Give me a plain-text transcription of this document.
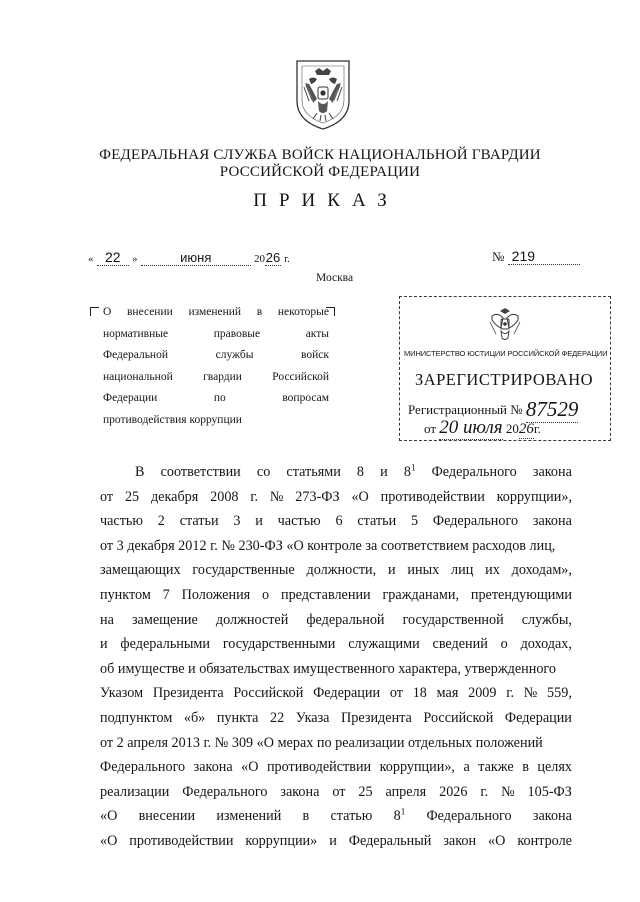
ФЕДЕРАЛЬНАЯ СЛУЖБА ВОЙСК НАЦИОНАЛЬНОЙ ГВАРДИИ
РОССИЙСКОЙ ФЕДЕРАЦИИ
ПРИКАЗ
« 22 »	июня	2026 г.	№ 219
Москва
О внесении изменений в некоторые
нормативные	правовые	акты
Федеральной	службы	войск
национальной	гвардии	Российской
Федерации	по	вопросам
противодействия коррупции
МИНИСТЕРСТВО ЮСТИЦИИ РОССИЙСКОЙ ФЕДЕРАЦИИ
ЗАРЕГИСТРИРОВАНО
Регистрационный № 87529
от 20 июля 2026г.
В соответствии со статьями 8 и $8^1$ Федерального закона
от 25 декабря 2008 г. № 273-ФЗ «О противодействии коррупции»,
частью 2 статьи 3 и частью 6 статьи 5 Федерального закона
от 3 декабря 2012 г. № 230-ФЗ «О контроле за соответствием расходов лиц,
замещающих государственные должности, и иных лиц их доходам»,
пунктом 7 Положения о представлении гражданами, претендующими
на замещение должностей федеральной государственной службы,
и федеральными государственными служащими сведений о доходах,
об имуществе и обязательствах имущественного характера, утвержденного
Указом Президента Российской Федерации от 18 мая 2009 г. № 559,
подпунктом «б» пункта 22 Указа Президента Российской Федерации
от 2 апреля 2013 г. № 309 «О мерах по реализации отдельных положений
Федерального закона «О противодействии коррупции», а также в целях
реализации Федерального закона от 25 апреля 2026 г. № 105-ФЗ
«О внесении изменений в статью $8^1$ Федерального закона
«О противодействии коррупции» и Федеральный закон «О контроле
